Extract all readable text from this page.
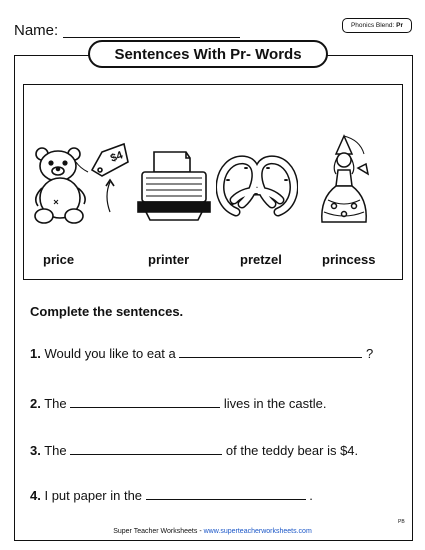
Name:	Phonics Blend: Pr
Sentences With Pr- Words
$4
price	printer	pretzel	princess
Complete the sentences.
1. Would you like to eat a	?
2. The	lives in the castle.
3. The	of the teddy bear is $4.
4. I put paper in the	.
PB
Super Teacher Worksheets - www.superteacherworksheets.com
